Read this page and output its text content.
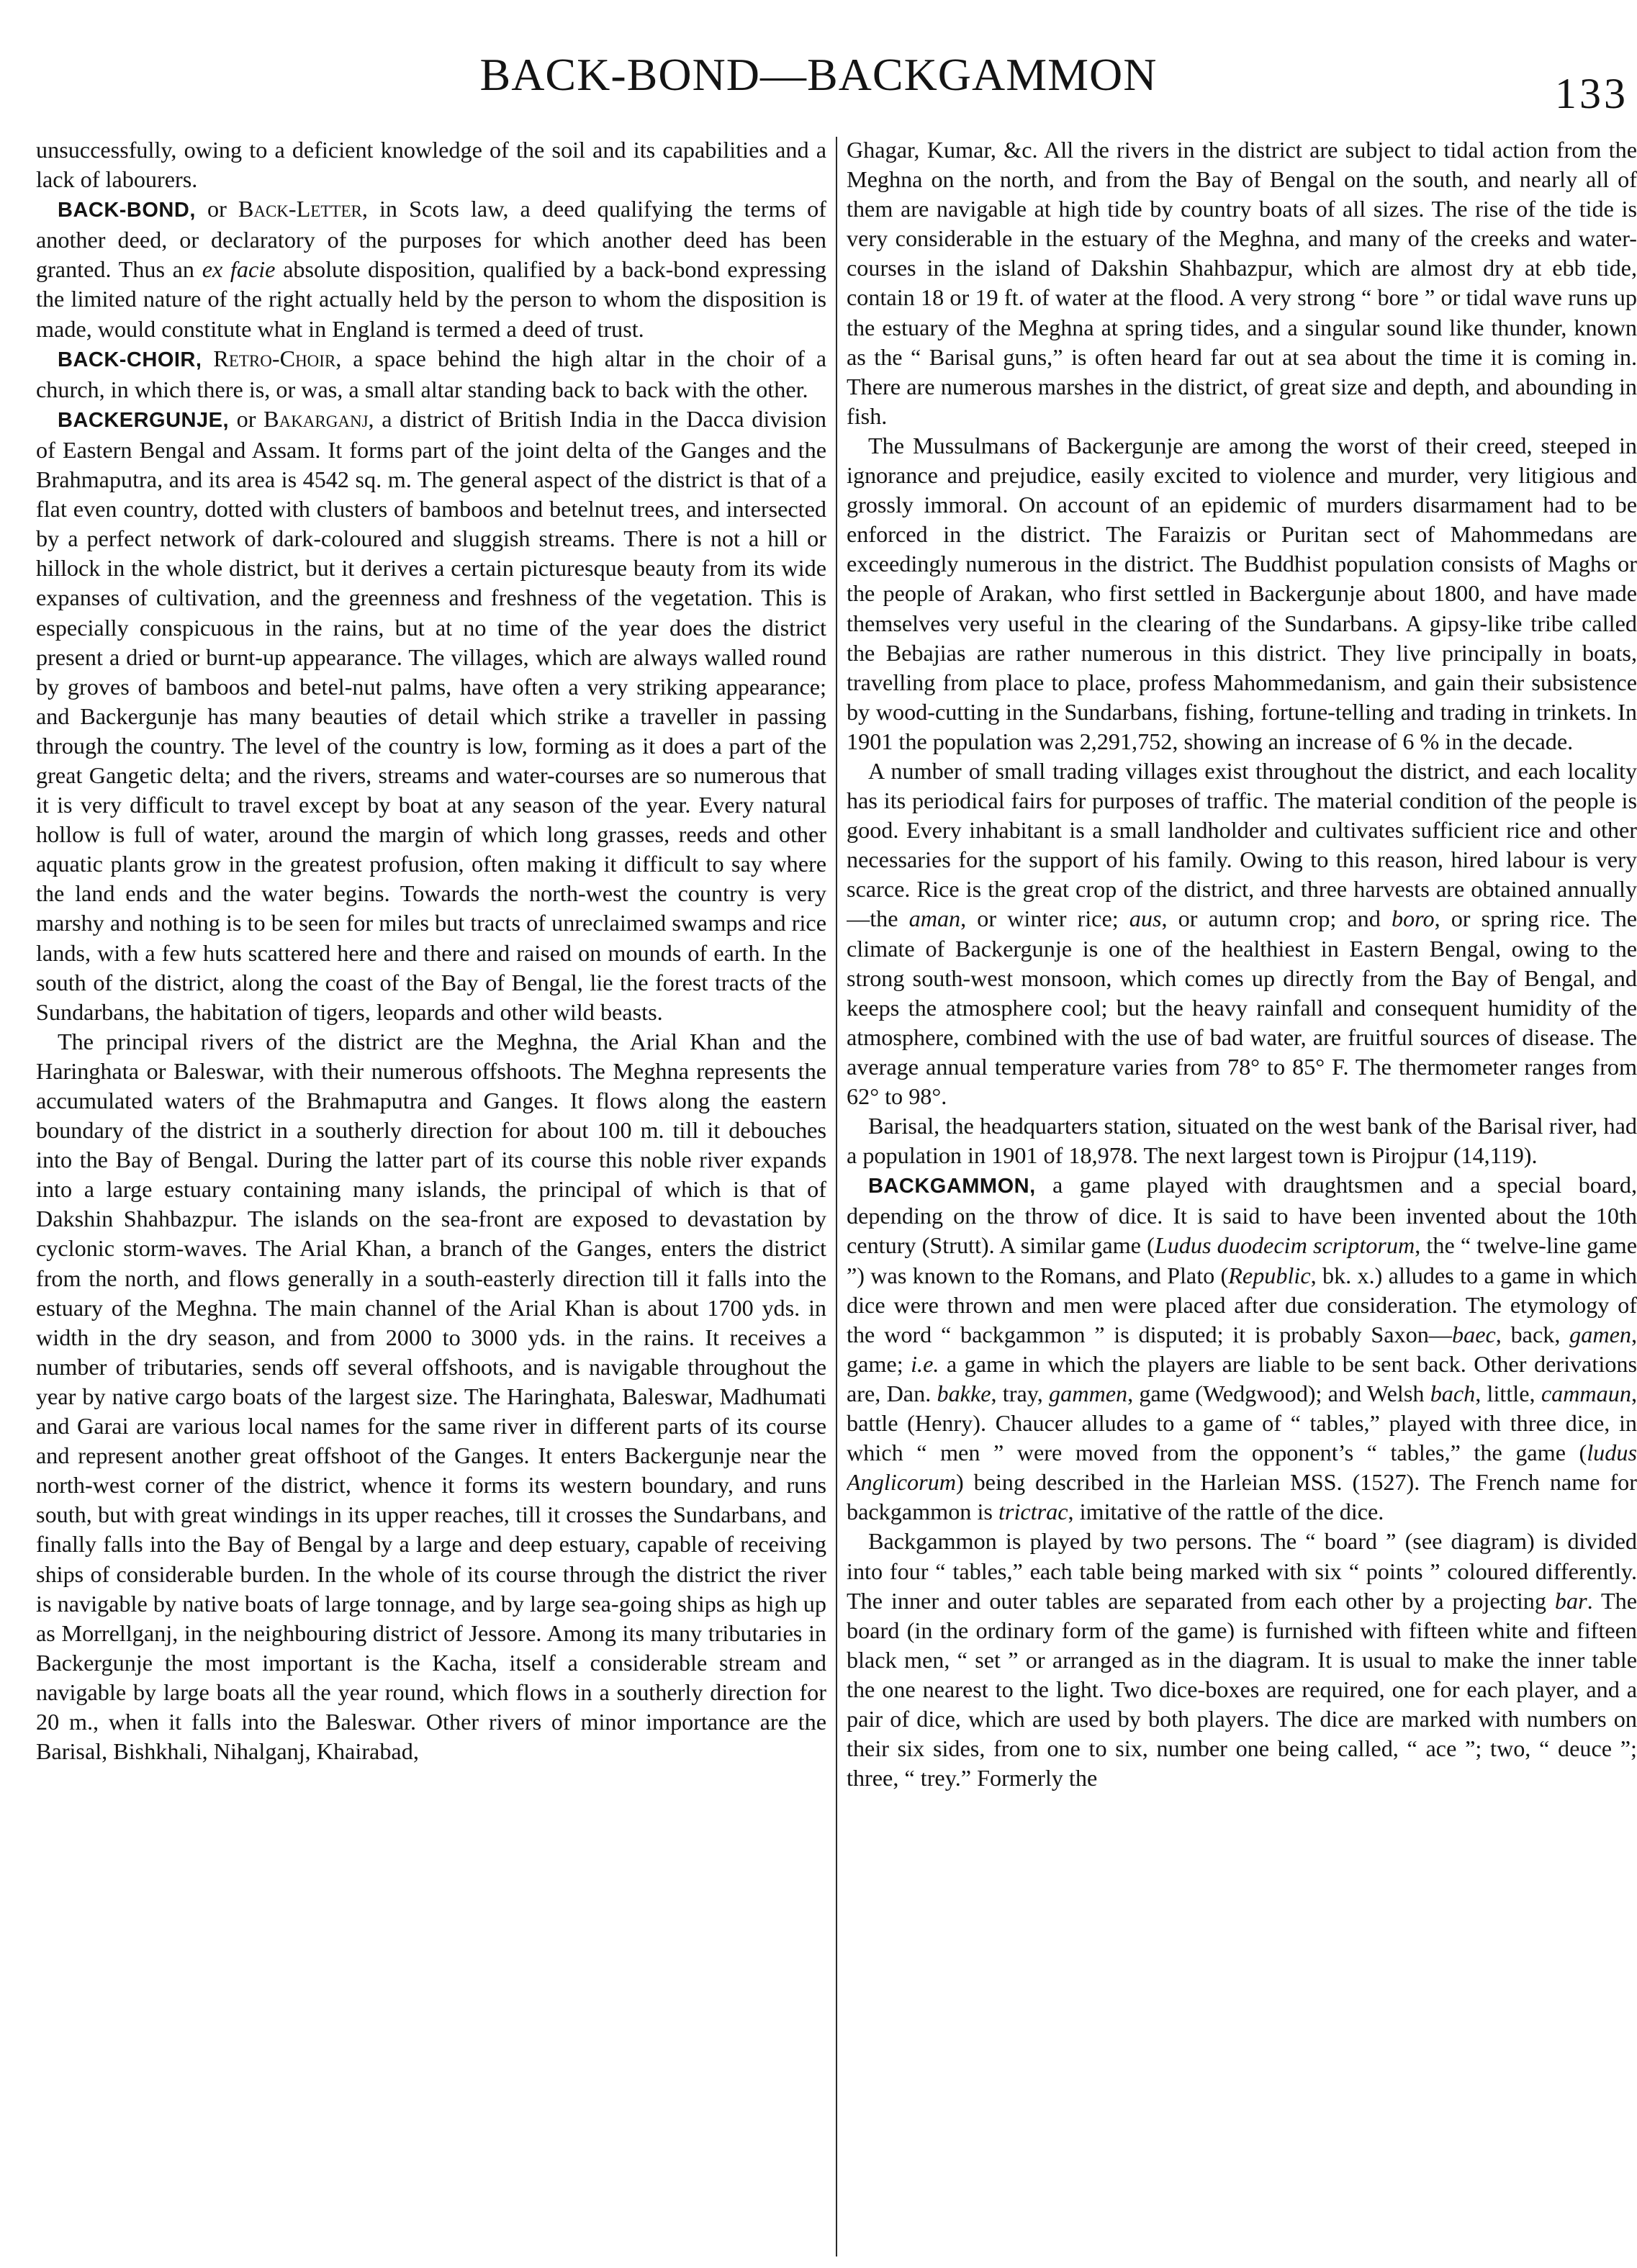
BACK-BOND—BACKGAMMON	133

unsuccessfully, owing to a deficient knowledge of the soil and its capabilities and a lack of labourers.

BACK-BOND, or Back-Letter, in Scots law, a deed qualifying the terms of another deed, or declaratory of the purposes for which another deed has been granted. Thus an ex facie absolute disposition, qualified by a back-bond expressing the limited nature of the right actually held by the person to whom the disposition is made, would constitute what in England is termed a deed of trust.

BACK-CHOIR, Retro-Choir, a space behind the high altar in the choir of a church, in which there is, or was, a small altar standing back to back with the other.

BACKERGUNJE, or Bakarganj, a district of British India in the Dacca division of Eastern Bengal and Assam. It forms part of the joint delta of the Ganges and the Brahmaputra, and its area is 4542 sq. m. The general aspect of the district is that of a flat even country, dotted with clusters of bamboos and betelnut trees, and intersected by a perfect network of dark-coloured and sluggish streams. There is not a hill or hillock in the whole district, but it derives a certain picturesque beauty from its wide expanses of cultivation, and the greenness and freshness of the vegetation. This is especially conspicuous in the rains, but at no time of the year does the district present a dried or burnt-up appearance. The villages, which are always walled round by groves of bamboos and betel-nut palms, have often a very striking appearance; and Backergunje has many beauties of detail which strike a traveller in passing through the country. The level of the country is low, forming as it does a part of the great Gangetic delta; and the rivers, streams and water-courses are so numerous that it is very difficult to travel except by boat at any season of the year. Every natural hollow is full of water, around the margin of which long grasses, reeds and other aquatic plants grow in the greatest profusion, often making it difficult to say where the land ends and the water begins. Towards the north-west the country is very marshy and nothing is to be seen for miles but tracts of unreclaimed swamps and rice lands, with a few huts scattered here and there and raised on mounds of earth. In the south of the district, along the coast of the Bay of Bengal, lie the forest tracts of the Sundarbans, the habitation of tigers, leopards and other wild beasts.

The principal rivers of the district are the Meghna, the Arial Khan and the Haringhata or Baleswar, with their numerous offshoots. The Meghna represents the accumulated waters of the Brahmaputra and Ganges. It flows along the eastern boundary of the district in a southerly direction for about 100 m. till it debouches into the Bay of Bengal. During the latter part of its course this noble river expands into a large estuary containing many islands, the principal of which is that of Dakshin Shahbazpur. The islands on the sea-front are exposed to devastation by cyclonic storm-waves. The Arial Khan, a branch of the Ganges, enters the district from the north, and flows generally in a south-easterly direction till it falls into the estuary of the Meghna. The main channel of the Arial Khan is about 1700 yds. in width in the dry season, and from 2000 to 3000 yds. in the rains. It receives a number of tributaries, sends off several offshoots, and is navigable throughout the year by native cargo boats of the largest size. The Haringhata, Baleswar, Madhumati and Garai are various local names for the same river in different parts of its course and represent another great offshoot of the Ganges. It enters Backergunje near the north-west corner of the district, whence it forms its western boundary, and runs south, but with great windings in its upper reaches, till it crosses the Sundarbans, and finally falls into the Bay of Bengal by a large and deep estuary, capable of receiving ships of considerable burden. In the whole of its course through the district the river is navigable by native boats of large tonnage, and by large sea-going ships as high up as Morrellganj, in the neighbouring district of Jessore. Among its many tributaries in Backergunje the most important is the Kacha, itself a considerable stream and navigable by large boats all the year round, which flows in a southerly direction for 20 m., when it falls into the Baleswar. Other rivers of minor importance are the Barisal, Bishkhali, Nihalganj, Khairabad,

Ghagar, Kumar, &c. All the rivers in the district are subject to tidal action from the Meghna on the north, and from the Bay of Bengal on the south, and nearly all of them are navigable at high tide by country boats of all sizes. The rise of the tide is very considerable in the estuary of the Meghna, and many of the creeks and water-courses in the island of Dakshin Shahbazpur, which are almost dry at ebb tide, contain 18 or 19 ft. of water at the flood. A very strong “ bore ” or tidal wave runs up the estuary of the Meghna at spring tides, and a singular sound like thunder, known as the “ Barisal guns,” is often heard far out at sea about the time it is coming in. There are numerous marshes in the district, of great size and depth, and abounding in fish.

The Mussulmans of Backergunje are among the worst of their creed, steeped in ignorance and prejudice, easily excited to violence and murder, very litigious and grossly immoral. On account of an epidemic of murders disarmament had to be enforced in the district. The Faraizis or Puritan sect of Mahommedans are exceedingly numerous in the district. The Buddhist population consists of Maghs or the people of Arakan, who first settled in Backergunje about 1800, and have made themselves very useful in the clearing of the Sundarbans. A gipsy-like tribe called the Bebajias are rather numerous in this district. They live principally in boats, travelling from place to place, profess Mahommedanism, and gain their subsistence by wood-cutting in the Sundarbans, fishing, fortune-telling and trading in trinkets. In 1901 the population was 2,291,752, showing an increase of 6 % in the decade.

A number of small trading villages exist throughout the district, and each locality has its periodical fairs for purposes of traffic. The material condition of the people is good. Every inhabitant is a small landholder and cultivates sufficient rice and other necessaries for the support of his family. Owing to this reason, hired labour is very scarce. Rice is the great crop of the district, and three harvests are obtained annually—the aman, or winter rice; aus, or autumn crop; and boro, or spring rice. The climate of Backergunje is one of the healthiest in Eastern Bengal, owing to the strong south-west monsoon, which comes up directly from the Bay of Bengal, and keeps the atmosphere cool; but the heavy rainfall and consequent humidity of the atmosphere, combined with the use of bad water, are fruitful sources of disease. The average annual temperature varies from 78° to 85° F. The thermometer ranges from 62° to 98°.

Barisal, the headquarters station, situated on the west bank of the Barisal river, had a population in 1901 of 18,978. The next largest town is Pirojpur (14,119).

BACKGAMMON, a game played with draughtsmen and a special board, depending on the throw of dice. It is said to have been invented about the 10th century (Strutt). A similar game (Ludus duodecim scriptorum, the “ twelve-line game ”) was known to the Romans, and Plato (Republic, bk. x.) alludes to a game in which dice were thrown and men were placed after due consideration. The etymology of the word “ backgammon ” is disputed; it is probably Saxon—baec, back, gamen, game; i.e. a game in which the players are liable to be sent back. Other derivations are, Dan. bakke, tray, gammen, game (Wedgwood); and Welsh bach, little, cammaun, battle (Henry). Chaucer alludes to a game of “ tables,” played with three dice, in which “ men ” were moved from the opponent’s “ tables,” the game (ludus Anglicorum) being described in the Harleian MSS. (1527). The French name for backgammon is trictrac, imitative of the rattle of the dice.

Backgammon is played by two persons. The “ board ” (see diagram) is divided into four “ tables,” each table being marked with six “ points ” coloured differently. The inner and outer tables are separated from each other by a projecting bar. The board (in the ordinary form of the game) is furnished with fifteen white and fifteen black men, “ set ” or arranged as in the diagram. It is usual to make the inner table the one nearest to the light. Two dice-boxes are required, one for each player, and a pair of dice, which are used by both players. The dice are marked with numbers on their six sides, from one to six, number one being called, “ ace ”; two, “ deuce ”; three, “ trey.” Formerly the
